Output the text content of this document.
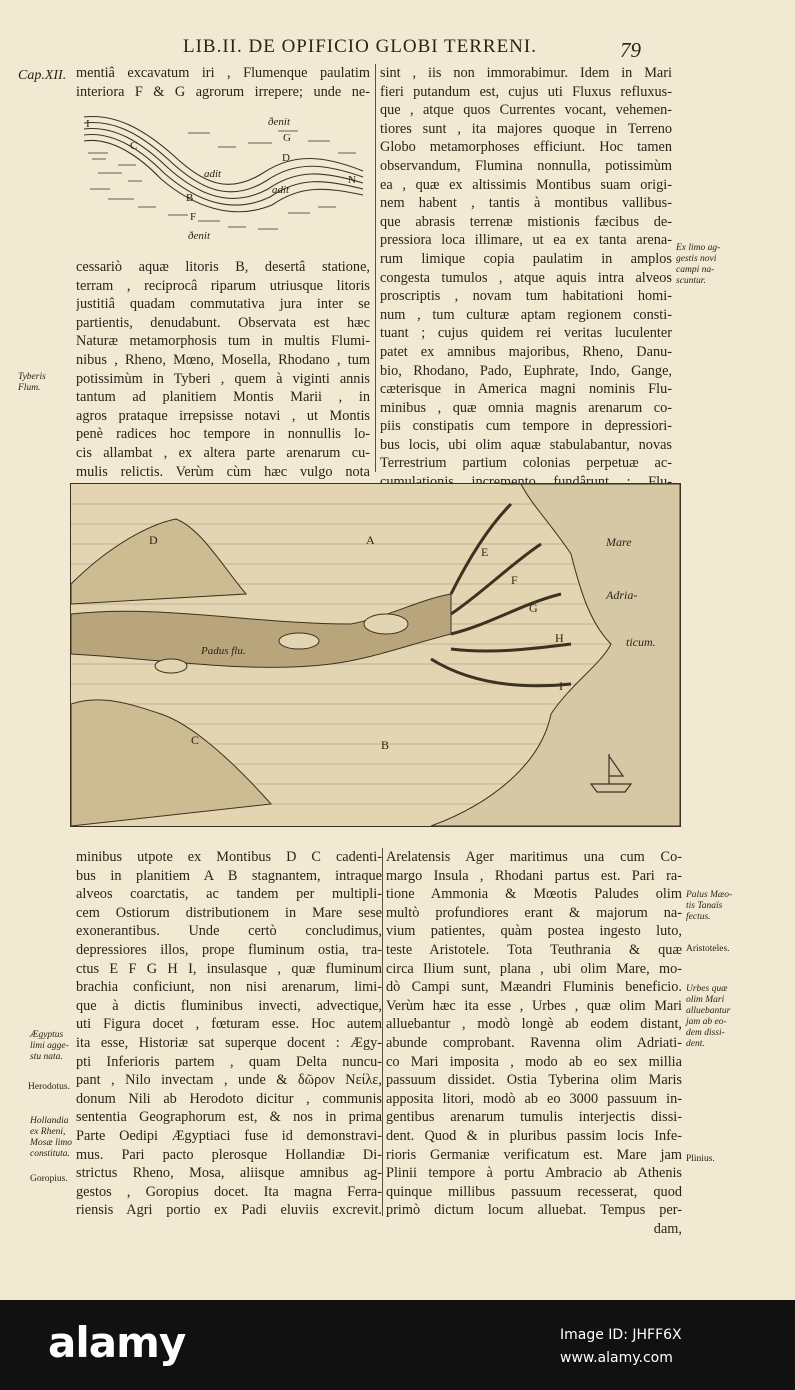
LIB.II. DE OPIFICIO GLOBI TERRENI.	79
Cap.XII. mentiâ excavatum iri , Flumenque paulatim
interiora F & G agrorum irrepere; unde ne-
I
C
G
D
B
N
F
ðenit
adit
adit
ðenit
cessariò aquæ litoris B, desertâ statione,
terram , reciprocâ riparum utriusque litoris
justitiâ quadam commutativa jura inter se
partientis, denudabunt. Observata est hæc
Naturæ metamorphosis tum in multis Flumi-
nibus , Rheno, Mœno, Mosella, Rhodano , tum
potissimùm in Tyberi , quem à viginti annis
tantum ad planitiem Montis Marii , in
agros prataque irrepsisse notavi , ut Montis
penè radices hoc tempore in nonnullis lo-
cis allambat , ex altera parte arenarum cu-
mulis relictis. Verùm cùm hæc vulgo nota
sint , iis non immorabimur. Idem in Mari
fieri putandum est, cujus uti Fluxus refluxus-
que , atque quos Currentes vocant, vehemen-
tiores sunt , ita majores quoque in Terreno
Globo metamorphoses efficiunt. Hoc tamen
observandum, Flumina nonnulla, potissimùm
ea , quæ ex altissimis Montibus suam origi-
nem habent , tantis à montibus vallibus-
que abrasis terrenæ mistionis fæcibus de-
pressiora loca illimare, ut ea ex tanta arena-
rum limique copia paulatim in amplos
congesta tumulos , atque aquis intra alveos
proscriptis , novam tum habitationi homi-
num , tum culturæ aptam regionem consti-
tuant ; cujus quidem rei veritas luculenter
patet ex amnibus majoribus, Rheno, Danu-
bio, Rhodano, Pado, Euphrate, Indo, Gange,
cæterisque in America magni nominis Flu-
minibus , quæ omnia magnis arenarum co-
piis constipatis cum tempore in depressiori-
bus locis, ubi olim aquæ stabulabantur, novas
Terrestrium partium colonias perpetuæ ac-
D	A
E
F
G
H
I
C	B
Padus flu.
Mare
Adria-
ticum.
minibus utpote ex Montibus D C cadenti-
bus in planitiem A B stagnantem, intraque
alveos coarctatis, ac tandem per multipli-
cem Ostiorum distributionem in Mare sese
exonerantibus. Unde certò concludimus,
depressiores illos, prope fluminum ostia, tra-
ctus E F G H I, insulasque , quæ fluminum
brachia conficiunt, non nisi arenarum, limi-
que à dictis fluminibus invecti, advectique,
uti Figura docet , fœturam esse. Hoc autem
ita esse, Historiæ sat superque docent : Ægy-
pti Inferioris partem , quam Delta nuncu-
pant , Nilo invectam , unde & δῶρον Νείλε,
donum Nili ab Herodoto dicitur , communis
sententia Geographorum est, & nos in prima
Parte Oedipi Ægyptiaci fuse id demonstravi-
mus. Pari pacto plerosque Hollandiæ Di-
strictus Rheno, Mosa, aliisque amnibus ag-
gestos , Goropius docet. Ita magna Ferra-
riensis Agri portio ex Padi eluviis excrevit.
Arelatensis Ager maritimus una cum Co-
margo Insula , Rhodani partus est. Pari ra-
tione Ammonia & Mœotis Paludes olim
multò profundiores erant & majorum na-
vium patientes, quàm postea ingesto luto,
teste Aristotele. Tota Teuthrania & quæ
circa Ilium sunt, plana , ubi olim Mare, mo-
dò Campi sunt, Mæandri Fluminis beneficio.
Verùm hæc ita esse , Urbes , quæ olim Mari
alluebantur , modò longè ab eodem distant,
abunde comprobant. Ravenna olim Adriati-
co Mari imposita , modo ab eo sex millia
passuum dissidet. Ostia Tyberina olim Maris
apposita litori, modò ab eo 3000 passuum in-
gentibus arenarum tumulis interjectis dissi-
dent. Quod & in pluribus passim locis Infe-
rioris Germaniæ verificatum est. Mare jam
Plinii tempore à portu Ambracio ab Athenis
quinque millibus passuum recesserat, quod
primò dictum locum alluebat. Tempus per-
dam,
Tyberis
Flum.
Ex limo ag-
gestis novi
campi na-
scuntur.
Palus Mæo-
tis Tanaïs
fectus.
Aristoteles.
Urbes quæ
olim Mari
alluebantur
jam ab eo-
dem dissi-
dent.
Ægyptus
limi agge-
stu nata.
Herodotus.
Hollandia
ex Rheni,
Mosæ limo
constituta.
Goropius.
Plinius.
alamy	Image ID: JHFF6X
www.alamy.com
